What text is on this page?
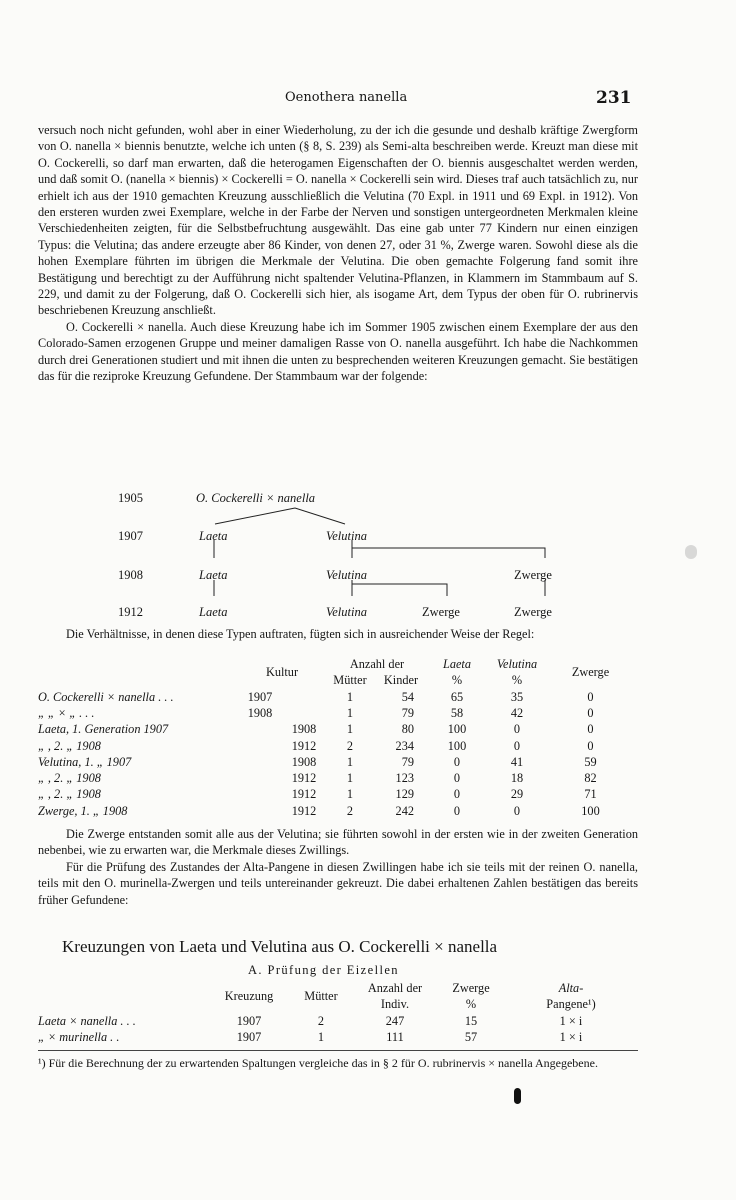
Oenothera nanella	231

versuch noch nicht gefunden, wohl aber in einer Wiederholung, zu der ich die gesunde und deshalb kräftige Zwergform von O. nanella × biennis benutzte, welche ich unten (§ 8, S. 239) als Semi-alta beschreiben werde. Kreuzt man diese mit O. Cockerelli, so darf man erwarten, daß die heterogamen Eigenschaften der O. biennis ausgeschaltet werden werden, und daß somit O. (nanella × biennis) × Cockerelli = O. nanella × Cockerelli sein wird. Dieses traf auch tatsächlich zu, nur erhielt ich aus der 1910 gemachten Kreuzung ausschließlich die Velutina (70 Expl. in 1911 und 69 Expl. in 1912). Von den ersteren wurden zwei Exemplare, welche in der Farbe der Nerven und sonstigen untergeordneten Merkmalen kleine Verschiedenheiten zeigten, für die Selbstbefruchtung ausgewählt. Das eine gab unter 77 Kindern nur einen einzigen Typus: die Velutina; das andere erzeugte aber 86 Kinder, von denen 27, oder 31 %, Zwerge waren. Sowohl diese als die hohen Exemplare führten im übrigen die Merkmale der Velutina. Die oben gemachte Folgerung fand somit ihre Bestätigung und berechtigt zu der Aufführung nicht spaltender Velutina-Pflanzen, in Klammern im Stammbaum auf S. 229, und damit zu der Folgerung, daß O. Cockerelli sich hier, als isogame Art, dem Typus der oben für O. rubrinervis beschriebenen Kreuzung anschließt.

O. Cockerelli × nanella. Auch diese Kreuzung habe ich im Sommer 1905 zwischen einem Exemplare der aus den Colorado-Samen erzogenen Gruppe und meiner damaligen Rasse von O. nanella ausgeführt. Ich habe die Nachkommen durch drei Generationen studiert und mit ihnen die unten zu besprechenden weiteren Kreuzungen gemacht. Sie bestätigen das für die reziproke Kreuzung Gefundene. Der Stammbaum war der folgende:

1905	O. Cockerelli × nanella
1907	Laeta	Velutina
1908	Laeta	Velutina	Zwerge
1912	Laeta	Velutina	Zwerge	Zwerge

Die Verhältnisse, in denen diese Typen auftraten, fügten sich in ausreichender Weise der Regel:

	Kultur		Anzahl der		Laeta	Velutina	Zwerge
			Mütter	Kinder	%	%	
O. Cockerelli × nanella . . .	1907		1	54	65	35	0
„ „ × „ . . .	1908		1	79	58	42	0
Laeta, 1. Generation 1907		1908	1	80	100	0	0
„ , 2. „ 1908		1912	2	234	100	0	0
Velutina, 1. „ 1907		1908	1	79	0	41	59
„ , 2. „ 1908		1912	1	123	0	18	82
„ , 2. „ 1908		1912	1	129	0	29	71
Zwerge, 1. „ 1908		1912	2	242	0	0	100

Die Zwerge entstanden somit alle aus der Velutina; sie führten sowohl in der ersten wie in der zweiten Generation nebenbei, wie zu erwarten war, die Merkmale dieses Zwillings.

Für die Prüfung des Zustandes der Alta-Pangene in diesen Zwillingen habe ich sie teils mit der reinen O. nanella, teils mit den O. murinella-Zwergen und teils untereinander gekreuzt. Die dabei erhaltenen Zahlen bestätigen das bereits früher Gefundene:

Kreuzungen von Laeta und Velutina aus O. Cockerelli × nanella
A. Prüfung der Eizellen
	Kreuzung	Mütter	Anzahl der	Zwerge	Alta-
			Indiv.	%	Pangene¹)
Laeta × nanella . . .	1907	2	247	15	1 × i
„ × murinella . .	1907	1	111	57	1 × i
¹) Für die Berechnung der zu erwartenden Spaltungen vergleiche das in § 2 für O. rubrinervis × nanella Angegebene.
